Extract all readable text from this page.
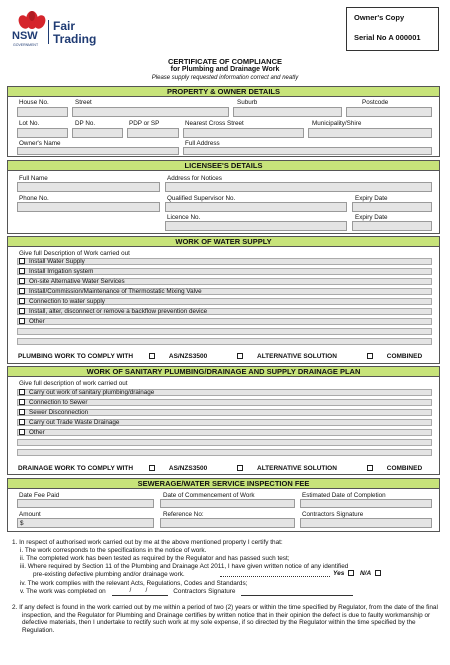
NSW
GOVERNMENT
Fair
Trading
Owner's Copy
Serial No A 000001
CERTIFICATE OF COMPLIANCE
for Plumbing and Drainage Work
Please supply requested information correct and neatly
PROPERTY & OWNER DETAILS
House No.	Street	Suburb	Postcode
Lot No.	DP No.	PDP or SP	Nearest Cross Street	Municipality/Shire
Owner's Name	Full Address
LICENSEE'S DETAILS
Full Name	Address for Notices
Phone No.	Qualified Supervisor No.	Expiry Date
Licence No.	Expiry Date
WORK OF WATER SUPPLY
Give full Description of Work carried out
Install Water Supply
Install Irrigation system
On-site Alternative Water Services
Install/Commission/Maintenance of Thermostatic Mixing Valve
Connection to water supply
Install, alter, disconnect or remove a backflow prevention device
Other
PLUMBING WORK TO COMPLY WITH	AS/NZS3500	ALTERNATIVE SOLUTION	COMBINED
WORK OF SANITARY PLUMBING/DRAINAGE AND SUPPLY DRAINAGE PLAN
Give full description of work carried out
Carry out work of sanitary plumbing/drainage
Connection to Sewer
Sewer Disconnection
Carry out Trade Waste Drainage
Other
DRAINAGE WORK TO COMPLY WITH	AS/NZS3500	ALTERNATIVE SOLUTION	COMBINED
SEWERAGE/WATER SERVICE INSPECTION FEE
Date Fee Paid	Date of Commencement of Work	Estimated Date of Completion
Amount	Reference No:	Contractors Signature
$
1. In respect of authorised work carried out by me at the above mentioned property I certify that:
i. The work corresponds to the specifications in the notice of work.
ii. The completed work has been tested as required by the Regulator and has passed such test;
iii. Where required by Section 11 of the Plumbing and Drainage Act 2011, I have given written notice of any identified
pre-existing defective plumbing and/or drainage work.	Yes N/A
iv. The work complies with the relevant Acts, Regulations, Codes and Standards;
v. The work was completed on	/ /	Contractors Signature
2. If any defect is found in the work carried out by me within a period of two (2) years or within the time specified by Regulator, from the date of the final inspection, and the Regulator for Plumbing and Drainage certifies by written notice that in their opinion the defect is due to faulty workmanship or defective materials, then I undertake to rectify such work at my sole expense, if so directed by the Regulator within the time specified by the Regulation.
